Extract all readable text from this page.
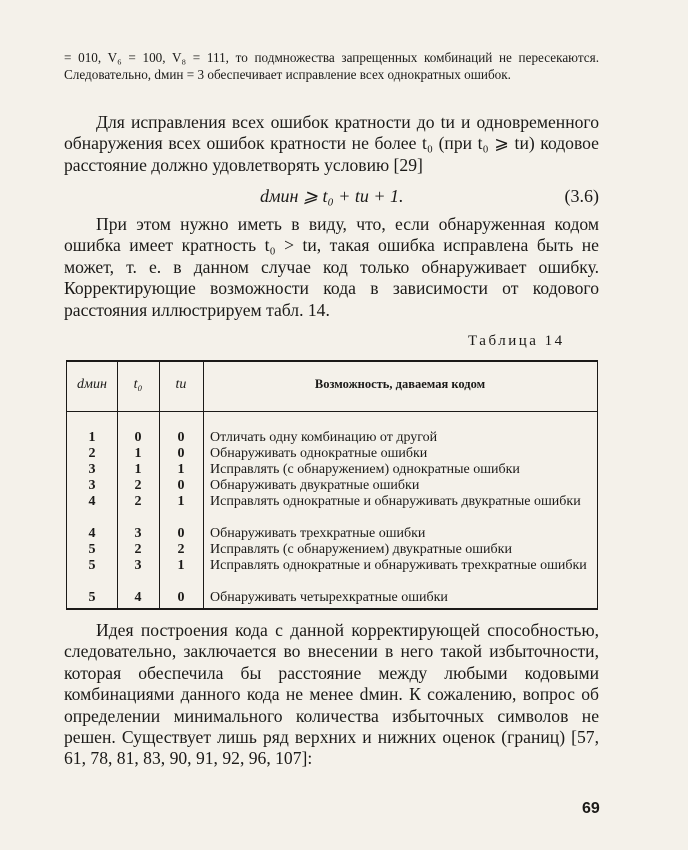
= 010, V₆ = 100, V₈ = 111, то подмножества запрещенных комбинаций не пересекаются. Следовательно, dмин = 3 обеспечивает исправление всех однократных ошибок.
Для исправления всех ошибок кратности до tи и одновременного обнаружения всех ошибок кратности не более t₀ (при t₀ ⩾ tи) кодовое расстояние должно удовлетворять условию [29]
dмин ⩾ t₀ + tи + 1.	(3.6)
При этом нужно иметь в виду, что, если обнаруженная кодом ошибка имеет кратность t₀ > tи, такая ошибка исправлена быть не может, т. е. в данном случае код только обнаруживает ошибку. Корректирующие возможности кода в зависимости от кодового расстояния иллюстрируем табл. 14.
Таблица 14
dмин	t₀	tи	Возможность, даваемая кодом
1	0	0	Отличать одну комбинацию от другой
2	1	0	Обнаруживать однократные ошибки
3	1	1	Исправлять (с обнаружением) однократные ошибки
3	2	0	Обнаруживать двукратные ошибки
4	2	1	Исправлять однократные и обнаруживать двукратные ошибки
4	3	0	Обнаруживать трехкратные ошибки
5	2	2	Исправлять (с обнаружением) двукратные ошибки
5	3	1	Исправлять однократные и обнаруживать трехкратные ошибки
5	4	0	Обнаруживать четырехкратные ошибки
Идея построения кода с данной корректирующей способностью, следовательно, заключается во внесении в него такой избыточности, которая обеспечила бы расстояние между любыми кодовыми комбинациями данного кода не менее dмин. К сожалению, вопрос об определении минимального количества избыточных символов не решен. Существует лишь ряд верхних и нижних оценок (границ) [57, 61, 78, 81, 83, 90, 91, 92, 96, 107]:
69
